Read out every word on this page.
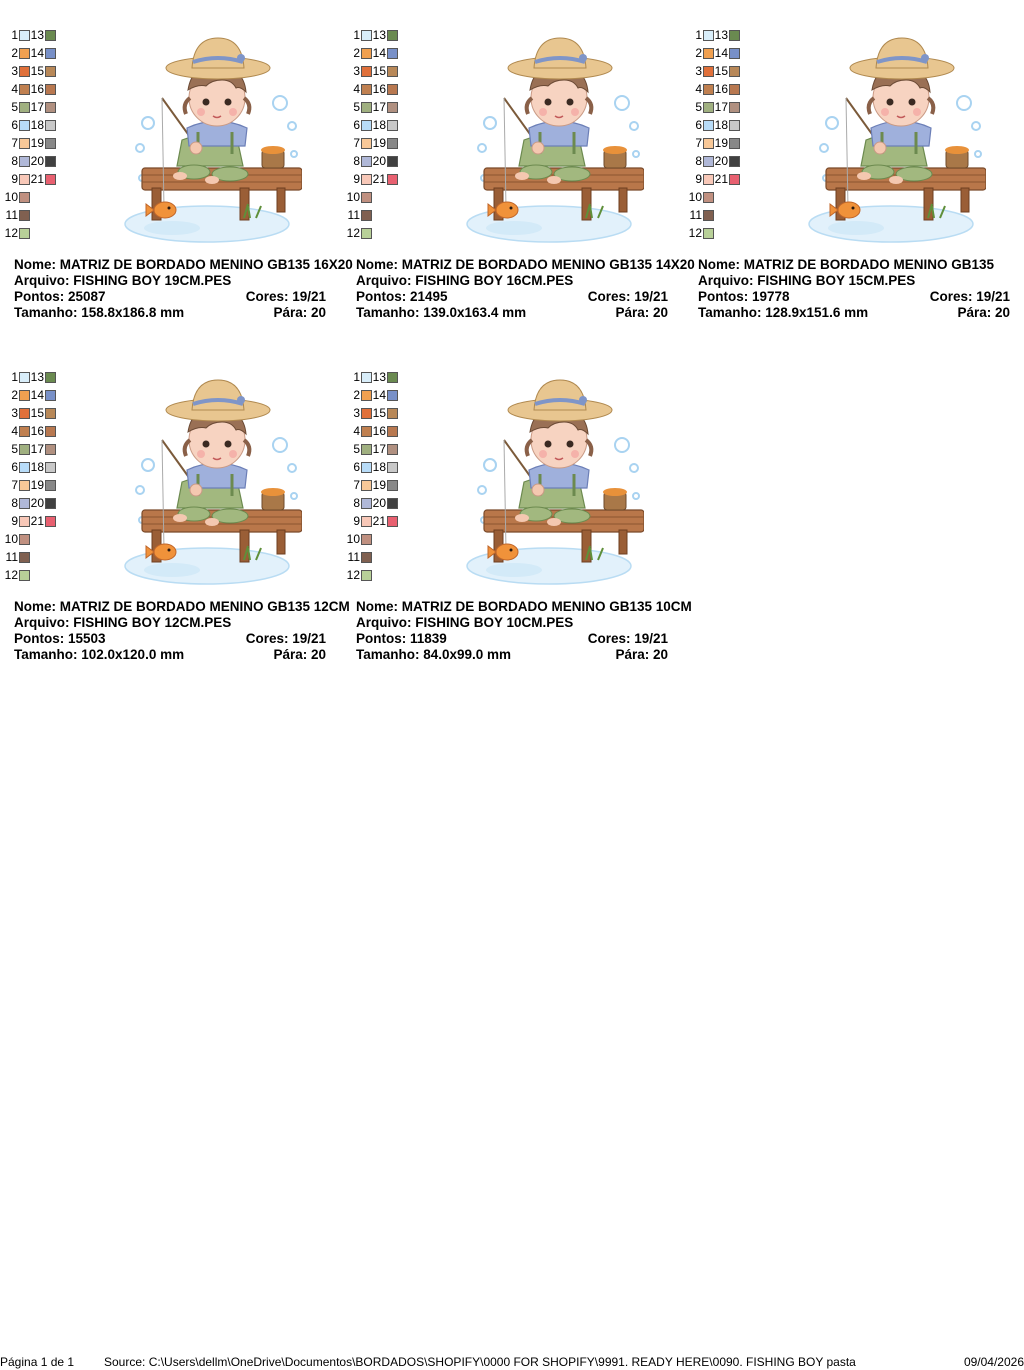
1 13
2 14
3 15
4 16
5 17
6 18
7 19
8 20
9 21
10
11
12
Nome: MATRIZ DE BORDADO MENINO GB135 16X20
Arquivo: FISHING BOY 19CM.PES
Pontos: 25087	Cores: 19/21
Tamanho: 158.8x186.8 mm	Pára: 20
1 13
2 14
3 15
4 16
5 17
6 18
7 19
8 20
9 21
10
11
12
Nome: MATRIZ DE BORDADO MENINO GB135 14X20
Arquivo: FISHING BOY 16CM.PES
Pontos: 21495	Cores: 19/21
Tamanho: 139.0x163.4 mm	Pára: 20
1 13
2 14
3 15
4 16
5 17
6 18
7 19
8 20
9 21
10
11
12
Nome: MATRIZ DE BORDADO MENINO GB135
Arquivo: FISHING BOY 15CM.PES
Pontos: 19778	Cores: 19/21
Tamanho: 128.9x151.6 mm	Pára: 20
1 13
2 14
3 15
4 16
5 17
6 18
7 19
8 20
9 21
10
11
12
Nome: MATRIZ DE BORDADO MENINO GB135 12CM
Arquivo: FISHING BOY 12CM.PES
Pontos: 15503	Cores: 19/21
Tamanho: 102.0x120.0 mm	Pára: 20
1 13
2 14
3 15
4 16
5 17
6 18
7 19
8 20
9 21
10
11
12
Nome: MATRIZ DE BORDADO MENINO GB135 10CM
Arquivo: FISHING BOY 10CM.PES
Pontos: 11839	Cores: 19/21
Tamanho: 84.0x99.0 mm	Pára: 20
Página 1 de 1 Source: C:\Users\dellm\OneDrive\Documentos\BORDADOS\SHOPIFY\0000 FOR SHOPIFY\9991. READY HERE\0090. FISHING BOY pasta	09/04/2026
